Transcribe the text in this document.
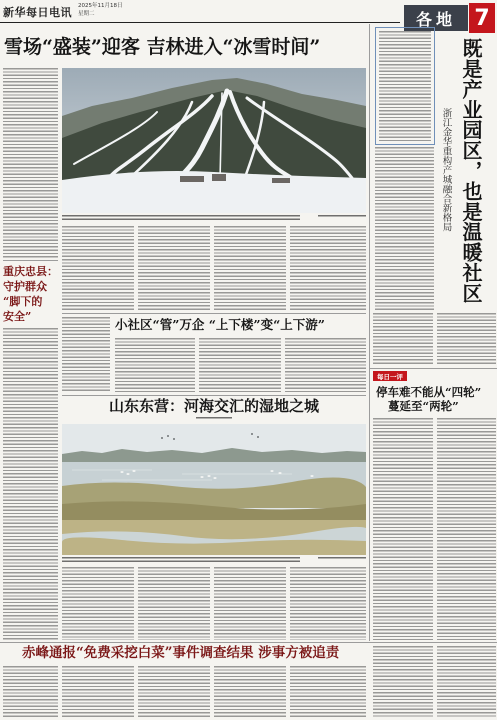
新华每日电讯 2025年11月18日
星期二	各地 7
雪场“盛装”迎客 吉林进入“冰雪时间”
重庆忠县：
守护群众
“脚下的
安全”
小社区“管”万企 “上下楼”变“上下游”
山东东营：河海交汇的湿地之城
既是产业园区，也是温暖社区
浙江金华重构产城融合新格局
每日一评
停车难不能从“四轮”
蔓延至“两轮”
赤峰通报“免费采挖白菜”事件调查结果 涉事方被追责
